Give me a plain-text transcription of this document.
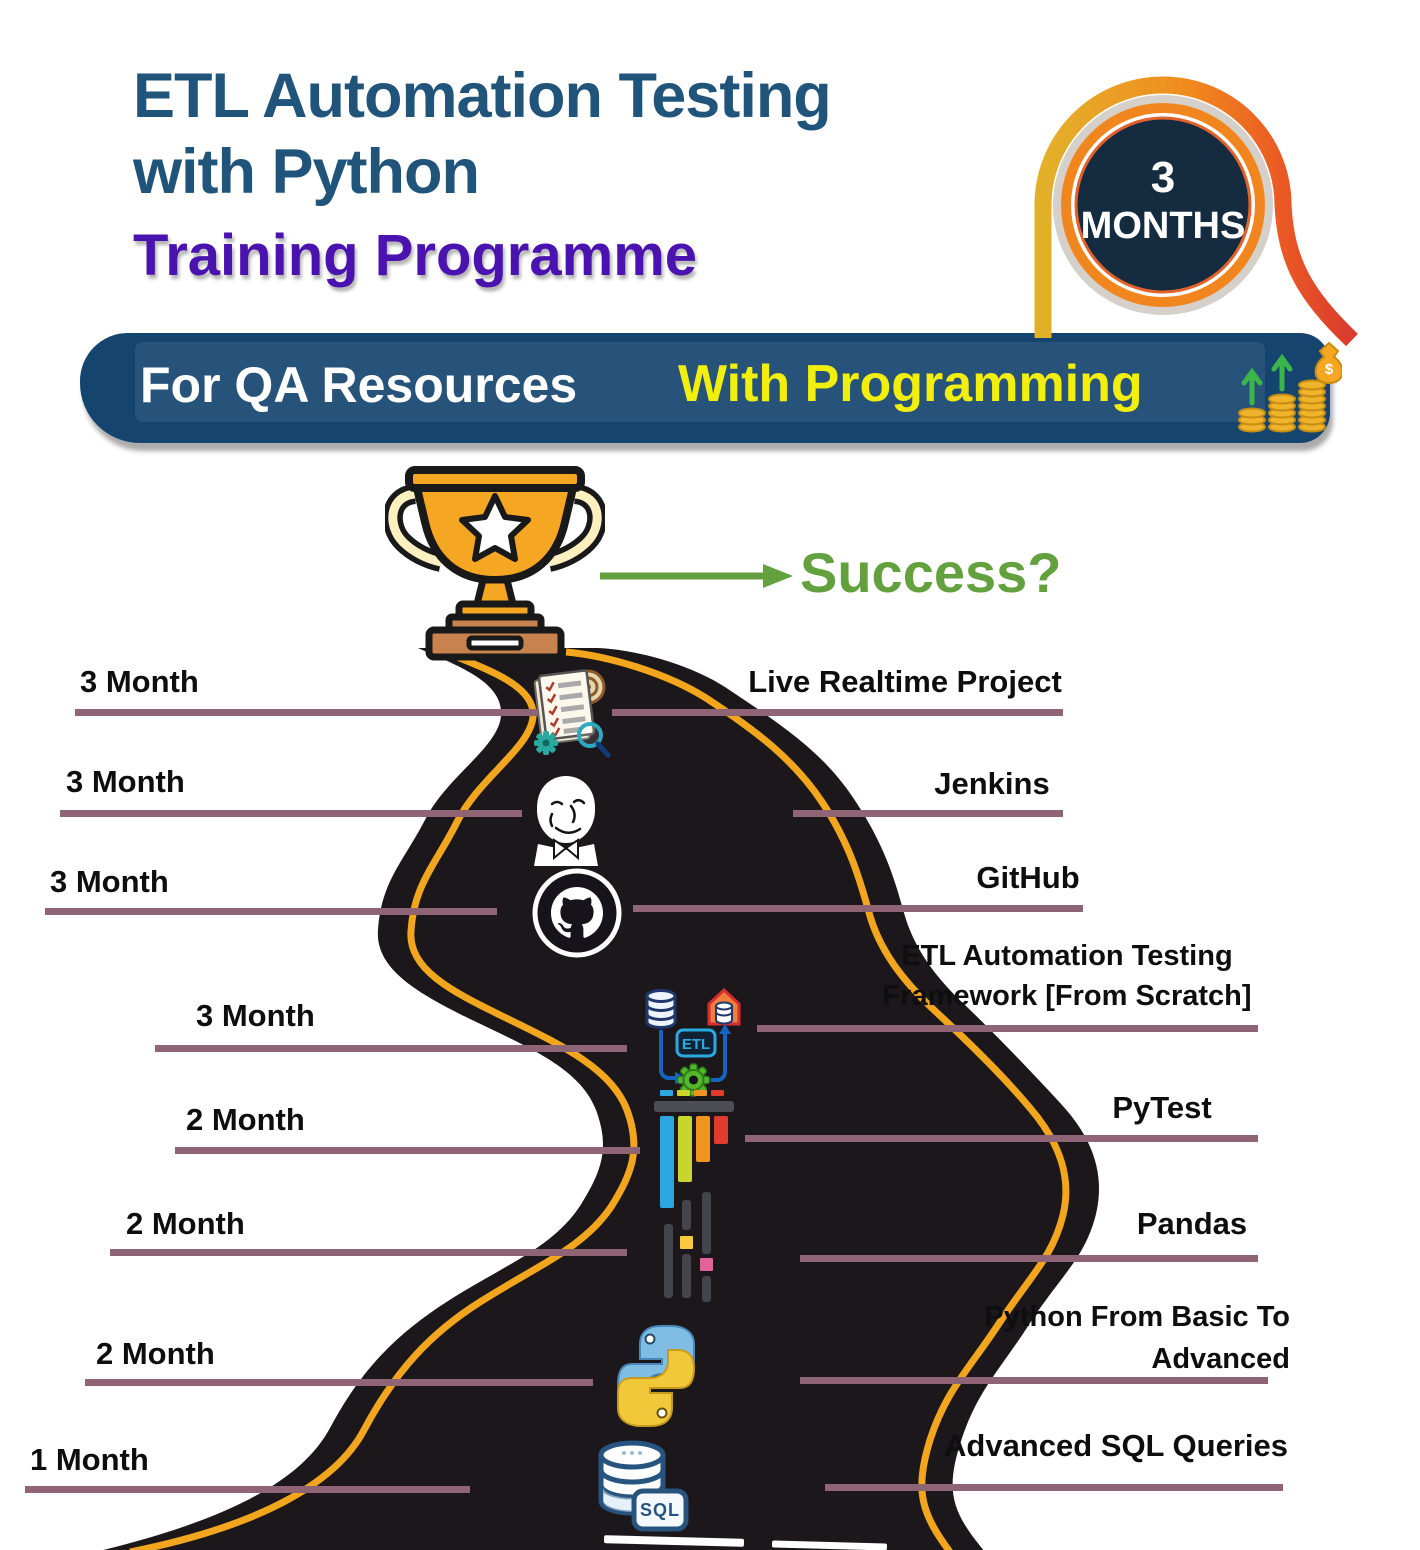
ETL Automation Testing
with Python
Training Programme
For QA Resources With Programming	$
3
MONTHS
Success?
3 Month
3 Month
3 Month
3 Month
2 Month
2 Month
2 Month
1 Month
Live Realtime Project
Jenkins
GitHub
ETL Automation Testing Framework [From Scratch]
PyTest
Pandas
Python From Basic To Advanced
Advanced SQL Queries
ETL
SQL
